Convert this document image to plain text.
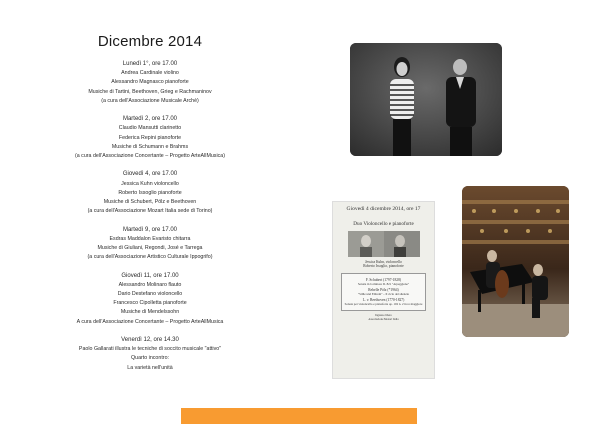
Dicembre 2014
Lunedì 1°, ore 17.00
Andrea Cardinale violino
Alessandro Magnasco pianoforte
Musiche di Tartini, Beethoven, Grieg e Rachmaninov
(a cura dell'Associazione Musicale Archè)
Martedì 2, ore 17.00
Claudio Mansutti clarinetto
Federica Repini pianoforte
Musiche di Schumann e Brahms
(a cura dell'Associazione Concertante – Progetto ArteAllMusica)
Giovedì 4, ore 17.00
Jessica Kuhn violoncello
Roberto Issoglio pianoforte
Musiche di Schubert, Pölz e Beethoven
(a cura dell'Associazione Mozart Italia sede di Torino)
Martedì 9, ore 17.00
Esdras Maddalon Evaristo chitarra
Musiche di Giuliani, Regondi, José e Tarrega
(a cura dell'Associazione Artistico Culturale Ippogrifo)
Giovedì 11, ore 17.00
Alessandro Molinaro flauto
Dario Destefano violoncello
Francesco Cipolletta pianoforte
Musiche di Mendelssohn
A cura dell'Associazione Concertante – Progetto ArteAllMusica
Venerdì 12, ore 14.30
Paolo Gallarati illustra le tecniche di soccito musicale "attivo"
Quarto incontro:
La varietà nell'unità
Giovedì 4 dicembre 2014, ore 17
Duo Violoncello e pianoforte
Jessica Kuhn, violoncello
Roberto Issoglio, pianoforte
F. Schubert (1797-1828)
Sonata in la minore D. 821 "Arpeggione"
Rebelle Pölz (*1964)
"Stille und Eiltrem" – Il ciclo del silenzio
L. v. Beethoven (1770-1827)
Sonata per violoncello e pianoforte op. 102 n. 2 in re maggiore
Ingresso libero
Associazione Mozart Italia
